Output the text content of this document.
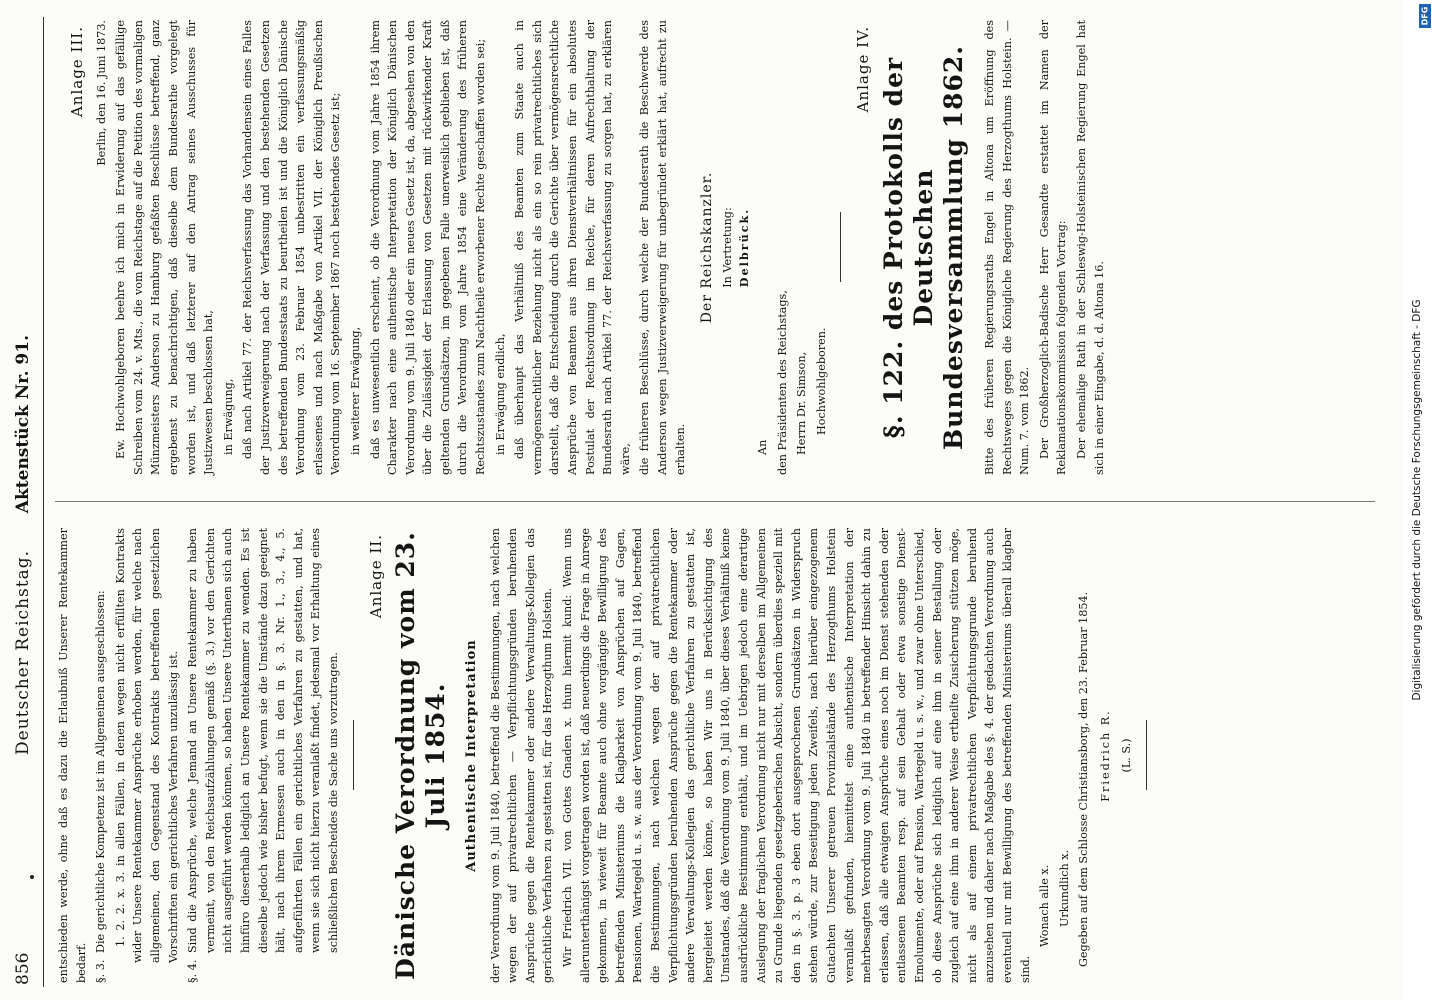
856
Deutscher Reichstag.
Aktenstück Nr. 91.

entschieden werde, ohne daß es dazu die Erlaubniß Unserer Rentekammer bedarf. §. 3.Die gerichtliche Kompetenz ist im Allgemeinen ausgeschlossen: 1. 2. 2. x. 3. in allen Fällen, in denen wegen nicht erfüllten Kontrakts wider Unsere Rentekammer Ansprüche erhoben werden, für welche nach allgemeinen, den Gegenstand des Kontrakts betreffenden gesetzlichen Vorschriften ein gerichtliches Verfahren unzulässig ist.

§. 4.Sind die Ansprüche, welche Jemand an Unsere Rentekammer zu haben vermeint, von den Reichsaufzählungen gemäß (§. 3.) vor den Gerichten nicht ausgeführt werden können, so haben Unsere Unterthanen sich auch hinfüro dieserhalb lediglich an Unsere Rentekammer zu wenden. Es ist dieselbe jedoch wie bisher befugt, wenn sie die Umstände dazu geeignet hält, nach ihrem Ermessen auch in den in §. 3. Nr. 1., 3., 4., 5. aufgeführten Fällen ein gerichtliches Verfahren zu gestatten, und hat, wenn sie sich nicht hierzu veranlaßt findet, jedesmal vor Erhaltung eines schließlichen Bescheides die Sache uns vorzutragen.

Anlage II. Dänische Verordnung vom 23. Juli 1854. Authentische Interpretation der Verordnung vom 9. Juli 1840, betreffend die Bestimmungen, nach welchen wegen der auf privatrechtlichen — Verpflichtungsgründen beruhenden Ansprüche gegen die Rentekammer oder andere Verwaltungs-Kollegien das gerichtliche Verfahren zu gestatten ist, für das Herzogthum Holstein. Wir Friedrich VII. von Gottes Gnaden x. thun hiermit kund: Wenn uns allerunterthänigst vorgetragen worden ist, daß neuerdings die Frage in Anrege gekommen, in wieweit für Beamte auch ohne vorgängige Bewilligung des betreffenden Ministeriums die Klagbarkeit von Ansprüchen auf Gagen, Pensionen, Wartegeld u. s. w. aus der Verordnung vom 9. Juli 1840, betreffend die Bestimmungen, nach welchen wegen der auf privatrechtlichen Verpflichtungsgründen beruhenden Ansprüche gegen die Rentekammer oder andere Verwaltungs-Kollegien das gerichtliche Verfahren zu gestatten ist, hergeleitet werden könne, so haben Wir uns in Berücksichtigung des Umstandes, daß die Verordnung vom 9. Juli 1840, über dieses Verhältniß keine ausdrückliche Bestimmung enthält, und im Uebrigen jedoch eine derartige Auslegung der fraglichen Verordnung nicht nur mit derselben im Allgemeinen zu Grunde liegenden gesetzgeberischen Absicht, sondern überdies speziell mit den in §. 3. p. 3 eben dort ausgesprochenen Grundsätzen in Widerspruch stehen würde, zur Beseitigung jeden Zweifels, nach hierüber eingezogenem Gutachten Unserer getreuen Provinzialstände des Herzogthums Holstein veranlaßt gefunden, hiemittelst eine authentische Interpretation der mehrbesagten Verordnung vom 9. Juli 1840 in betreffender Hinsicht dahin zu erlassen, daß alle etwaigen Ansprüche eines noch im Dienst stehenden oder entlassenen Beamten resp. auf sein Gehalt oder etwa sonstige Dienst-Emolumente, oder auf Pension, Wartegeld u. s. w., und zwar ohne Unterschied, ob diese Ansprüche sich lediglich auf eine ihm in seiner Bestallung oder zugleich auf eine ihm in anderer Weise ertheilte Zusicherung stützen möge, nicht als auf einem privatrechtlichen Verpflichtungsgrunde beruhend anzusehen und daher nach Maßgabe des §. 4. der gedachten Verordnung auch eventuell nur mit Bewilligung des betreffenden Ministeriums überall klagbar sind.

Wonach alle x. Urkundlich x. Gegeben auf dem Schlosse Christiansborg, den 23. Februar 1854. Friedrich R. (L. S.)
Anlage III. Berlin, den 16. Juni 1873. Ew. Hochwohlgeboren beehre ich mich in Erwiderung auf das gefällige Schreiben vom 24. v. Mts., die vom Reichstage auf die Petition des vormaligen Münzmeisters Anderson zu Hamburg gefaßten Beschlüsse betreffend, ganz ergebenst zu benachrichtigen, daß dieselbe dem Bundesrathe vorgelegt worden ist, und daß letzterer auf den Antrag seines Ausschusses für Justizwesen beschlossen hat, in Erwägung, daß nach Artikel 77. der Reichsverfassung das Vorhandensein eines Falles der Justizverweigerung nach der Verfassung und den bestehenden Gesetzen des betreffenden Bundesstaats zu beurtheilen ist und die Königlich Dänische Verordnung vom 23. Februar 1854 unbestritten ein verfassungsmäßig erlassenes und nach Maßgabe von Artikel VII. der Königlich Preußischen Verordnung vom 16. September 1867 noch bestehendes Gesetz ist; in weiterer Erwägung, daß es unwesentlich erscheint, ob die Verordnung vom Jahre 1854 ihrem Charakter nach eine authentische Interpretation der Königlich Dänischen Verordnung vom 9. Juli 1840 oder ein neues Gesetz ist, da, abgesehen von den über die Zulässigkeit der Erlassung von Gesetzen mit rückwirkender Kraft geltenden Grundsätzen, im gegebenen Falle unerweislich geblieben ist, daß durch die Verordnung vom Jahre 1854 eine Veränderung des früheren Rechtszustandes zum Nachtheile erworbener Rechte geschaffen worden sei; in Erwägung endlich, daß überhaupt das Verhältniß des Beamten zum Staate auch in vermögensrechtlicher Beziehung nicht als ein so rein privatrechtliches sich darstellt, daß die Entscheidung durch die Gerichte über vermögensrechtliche Ansprüche von Beamten aus ihren Dienstverhältnissen für ein absolutes Postulat der Rechtsordnung im Reiche, für deren Aufrechthaltung der Bundesrath nach Artikel 77. der Reichsverfassung zu sorgen hat, zu erklären wäre, die früheren Beschlüsse, durch welche der Bundesrath die Beschwerde des Anderson wegen Justizverweigerung für unbegründet erklärt hat, aufrecht zu erhalten.

Der Reichskanzler. In Vertretung: Delbrück.

An den Präsidenten des Reichstags, Herrn Dr. Simson, Hochwohlgeboren.

Anlage IV. §. 122. des Protokolls der Deutschen Bundesversammlung 1862. Bitte des früheren Regierungsraths Engel in Altona um Eröffnung des Rechtsweges gegen die Königliche Regierung des Herzogthums Holstein. — Num. 7. vom 1862. Der Großherzoglich-Badische Herr Gesandte erstattet im Namen der Reklamationskommission folgenden Vortrag: Der ehemalige Rath in der Schleswig-Holsteinischen Regierung Engel hat sich in einer Eingabe, d. d. Altona 16.	Digitalisierung gefördert durch die Deutsche Forschungsgemeinschaft - DFG
DFG
